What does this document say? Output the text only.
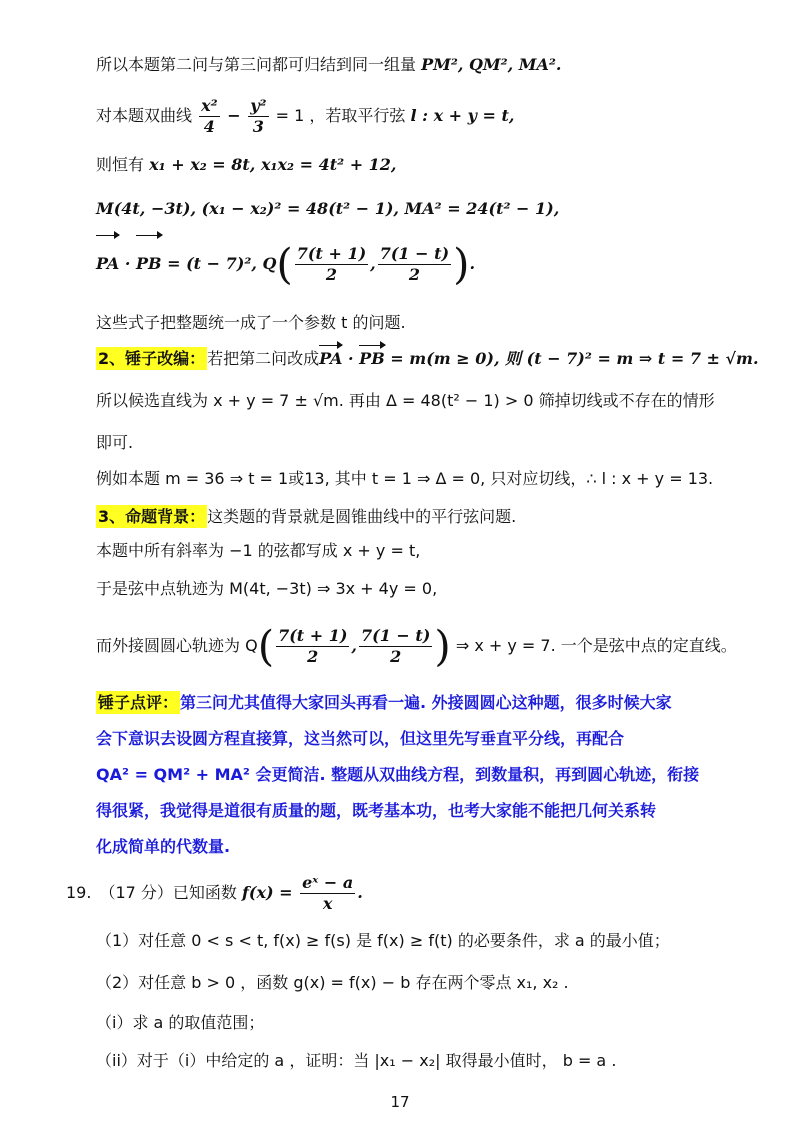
所以本题第二问与第三问都可归结到同一组量 PM², QM², MA².
对本题双曲线 $\frac{\text{x²}}{4} - \frac{\text{y²}}{3} = 1$ ，若取平行弦 l : x + y = t,
则恒有 x₁ + x₂ = 8t, x₁x₂ = 4t² + 12,
M(4t, −3t), (x₁ − x₂)² = 48(t² − 1), MA² = 24(t² − 1),
PA · PB = (t − 7)², $Q( \frac{7(t + 1)}{2}$ , $\frac{7(1 - t)}{2}$ ).
这些式子把整题统一成了一个参数 t 的问题.
2、锤子改编： 若把第二问改成PA · PB = m(m ≥ 0), 则 (t − 7)² = m ⇒ t = 7 ± √m.
所以候选直线为 x + y = 7 ± √m. 再由 Δ = 48(t² − 1) > 0 筛掉切线或不存在的情形
即可.
例如本题 m = 36 ⇒ t = 1或13, 其中 t = 1 ⇒ Δ = 0, 只对应切线，∴ l : x + y = 13.
3、命题背景： 这类题的背景就是圆锥曲线中的平行弦问题.
本题中所有斜率为 −1 的弦都写成 x + y = t,
于是弦中点轨迹为 M(4t, −3t) ⇒ 3x + 4y = 0,
而外接圆圆心轨迹为 $Q( \frac{7(t + 1)}{2}$ , $\frac{7(1 - t)}{2}$ ) ⇒ x + y = 7. 一个是弦中点的定直线。
锤子点评： 第三问尤其值得大家回头再看一遍. 外接圆圆心这种题，很多时候大家
会下意识去设圆方程直接算，这当然可以，但这里先写垂直平分线，再配合
QA² = QM² + MA² 会更简洁. 整题从双曲线方程，到数量积，再到圆心轨迹，衔接
得很紧，我觉得是道很有质量的题，既考基本功，也考大家能不能把几何关系转
化成简单的代数量.
19. （17 分）已知函数 $f(x) = \frac{\text{eˣ − a}}{x}$ .
（1）对任意 0 < s < t, f(x) ≥ f(s) 是 f(x) ≥ f(t) 的必要条件，求 a 的最小值；
（2）对任意 b > 0 ，函数 g(x) = f(x) − b 存在两个零点 x₁, x₂ .
（i）求 a 的取值范围；
（ii）对于（i）中给定的 a ，证明：当 |x₁ − x₂| 取得最小值时， b = a .
17
